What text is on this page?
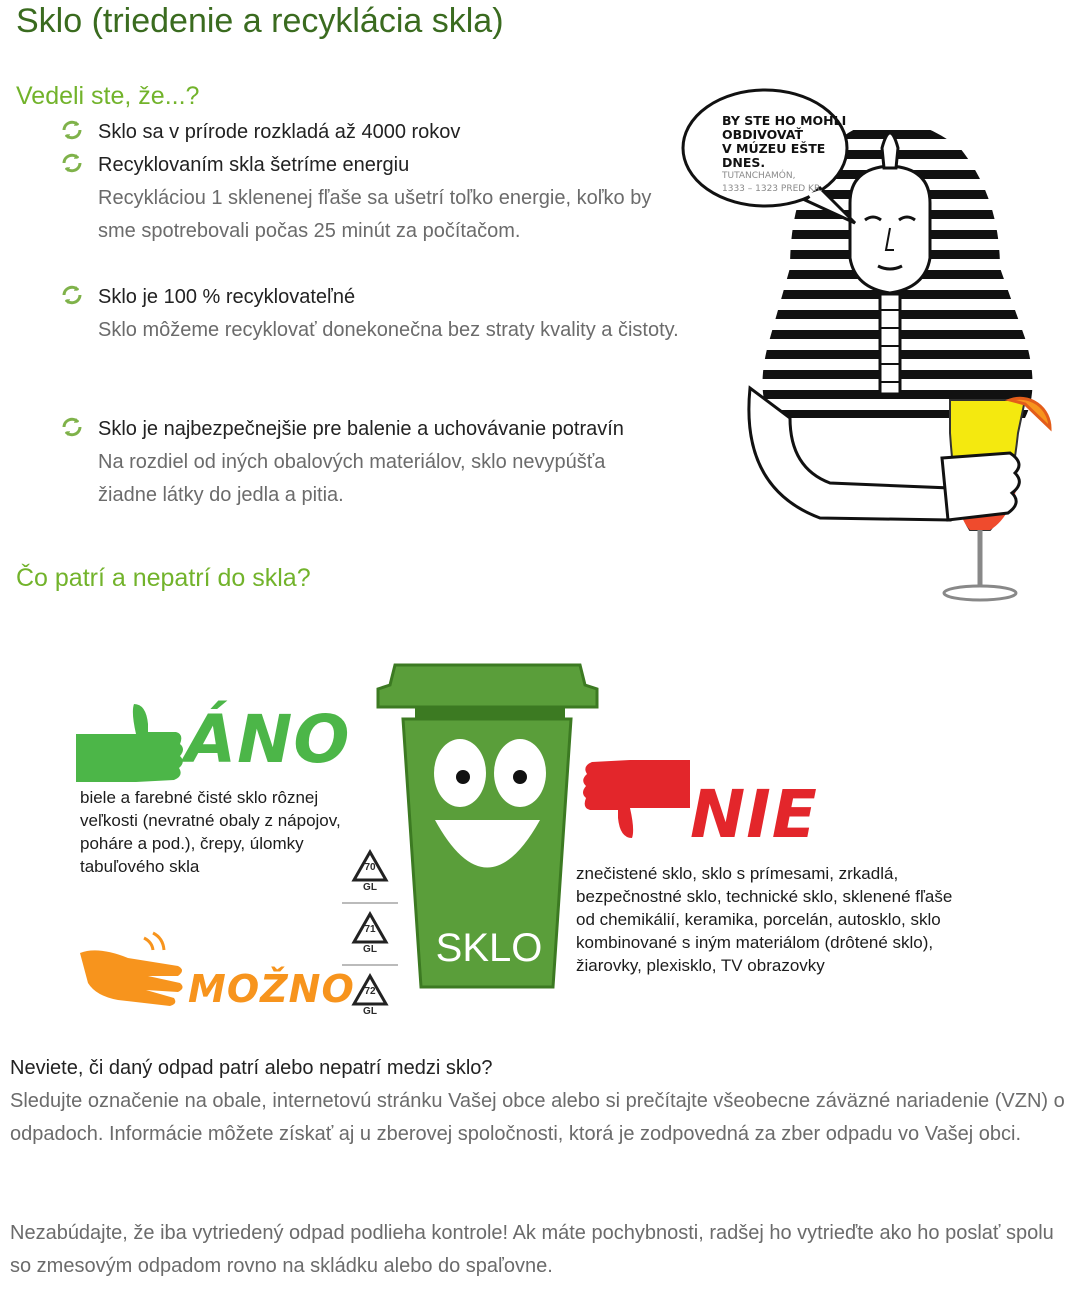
Sklo (triedenie a recyklácia skla)
Vedeli ste, že...?
Sklo sa v prírode rozkladá až 4000 rokov
Recyklovaním skla šetríme energiu
Recykláciou 1 sklenenej fľaše sa ušetrí toľko energie, koľko by sme spotrebovali počas 25 minút za počítačom.
Sklo je 100 % recyklovateľné
Sklo môžeme recyklovať donekonečna bez straty kvality a čistoty.
Sklo je najbezpečnejšie pre balenie a uchovávanie potravín
Na rozdiel od iných obalových materiálov, sklo nevypúšťa žiadne látky do jedla a pitia.
BY STE HO MOHLI
OBDIVOVAŤ
V MÚZEU EŠTE DNES.
TUTANCHAMÓN,
1333 – 1323 PRED KR.
Čo patrí a nepatrí do skla?
ÁNO
biele a farebné čisté sklo rôznej veľkosti (nevratné obaly z nápojov, poháre a pod.), črepy, úlomky tabuľového skla
MOŽNO
70
GL
71
GL
72
GL
SKLO
NIE
znečistené sklo, sklo s prímesami, zrkadlá, bezpečnostné sklo, technické sklo, sklenené fľaše od chemikálií, keramika, porcelán, autosklo, sklo kombinované s iným materiálom (drôtené sklo), žiarovky, plexisklo, TV obrazovky
Neviete, či daný odpad patrí alebo nepatrí medzi sklo?
Sledujte označenie na obale, internetovú stránku Vašej obce alebo si prečítajte všeobecne záväzné nariadenie (VZN) o odpadoch. Informácie môžete získať aj u zberovej spoločnosti, ktorá je zodpovedná za zber odpadu vo Vašej obci.
Nezabúdajte, že iba vytriedený odpad podlieha kontrole! Ak máte pochybnosti, radšej ho vytrieďte ako ho poslať spolu so zmesovým odpadom rovno na skládku alebo do spaľovne.
